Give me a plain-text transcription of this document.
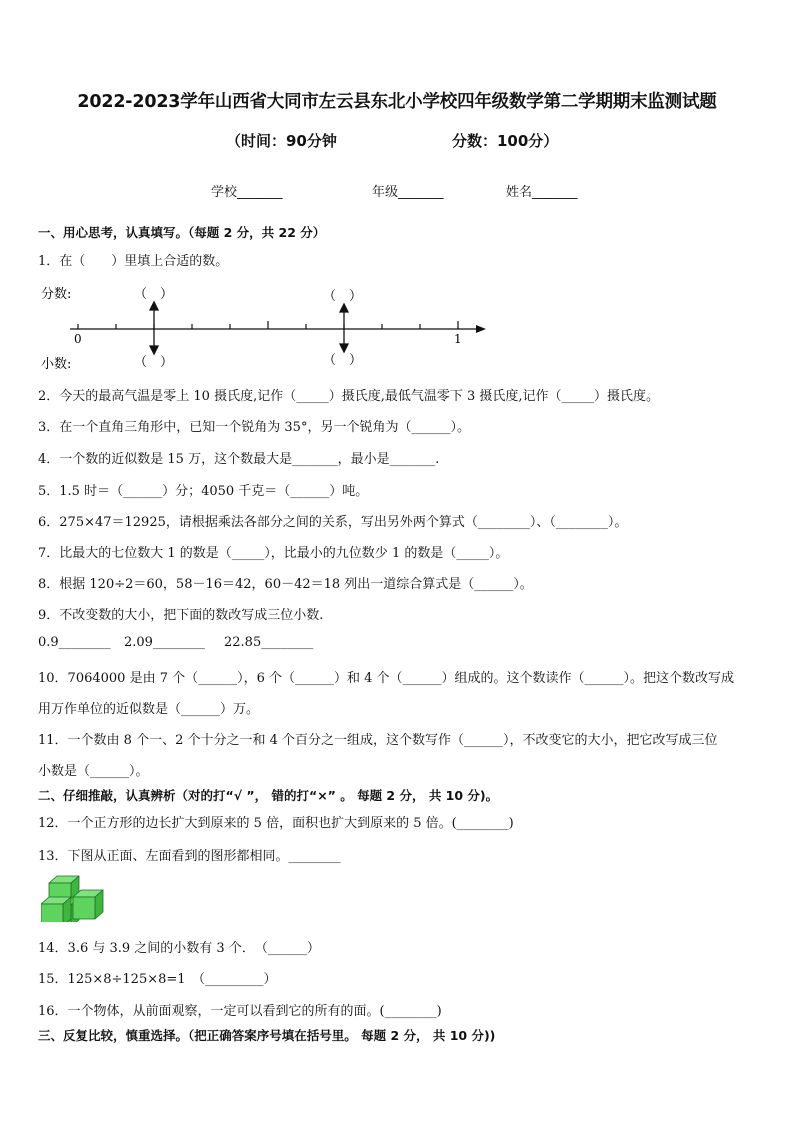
2022-2023学年山西省大同市左云县东北小学校四年级数学第二学期期末监测试题
（时间：90分钟	分数：100分）
学校_______	年级_______	姓名_______
一、用心思考，认真填写。（每题 2 分，共 22 分）
1．在（　　）里填上合适的数。
分数:
小数:
（　）	（　）
（　）	（　）
0	1
2．今天的最高气温是零上 10 摄氏度,记作（_____）摄氏度,最低气温零下 3 摄氏度,记作（_____）摄氏度。
3．在一个直角三角形中，已知一个锐角为 35°，另一个锐角为（______）。
4．一个数的近似数是 15 万，这个数最大是_______，最小是_______.
5．1.5 时＝（______）分；4050 千克＝（______）吨。
6．275×47＝12925，请根据乘法各部分之间的关系，写出另外两个算式（________）、（________）。
7．比最大的七位数大 1 的数是（_____），比最小的九位数少 1 的数是（_____）。
8．根据 120÷2＝60，58－16＝42，60－42＝18 列出一道综合算式是（______）。
9．不改变数的大小，把下面的数改写成三位小数.
0.9________ 2.09________ 22.85________
10．7064000 是由 7 个（______），6 个（______）和 4 个（______）组成的。这个数读作（______）。把这个数改写成
用万作单位的近似数是（______）万。
11．一个数由 8 个一、2 个十分之一和 4 个百分之一组成，这个数写作（______），不改变它的大小，把它改写成三位
小数是（______）。
二、仔细推敲，认真辨析（对的打“√ ”， 错的打“×” 。 每题 2 分， 共 10 分)。
12．一个正方形的边长扩大到原来的 5 倍，面积也扩大到原来的 5 倍。(________)
13．下图从正面、左面看到的图形都相同。________
14．3.6 与 3.9 之间的小数有 3 个．　（______）
15．125×8÷125×8=1　（_________）
16．一个物体，从前面观察，一定可以看到它的所有的面。(________)
三、反复比较，慎重选择。（把正确答案序号填在括号里。 每题 2 分， 共 10 分))
